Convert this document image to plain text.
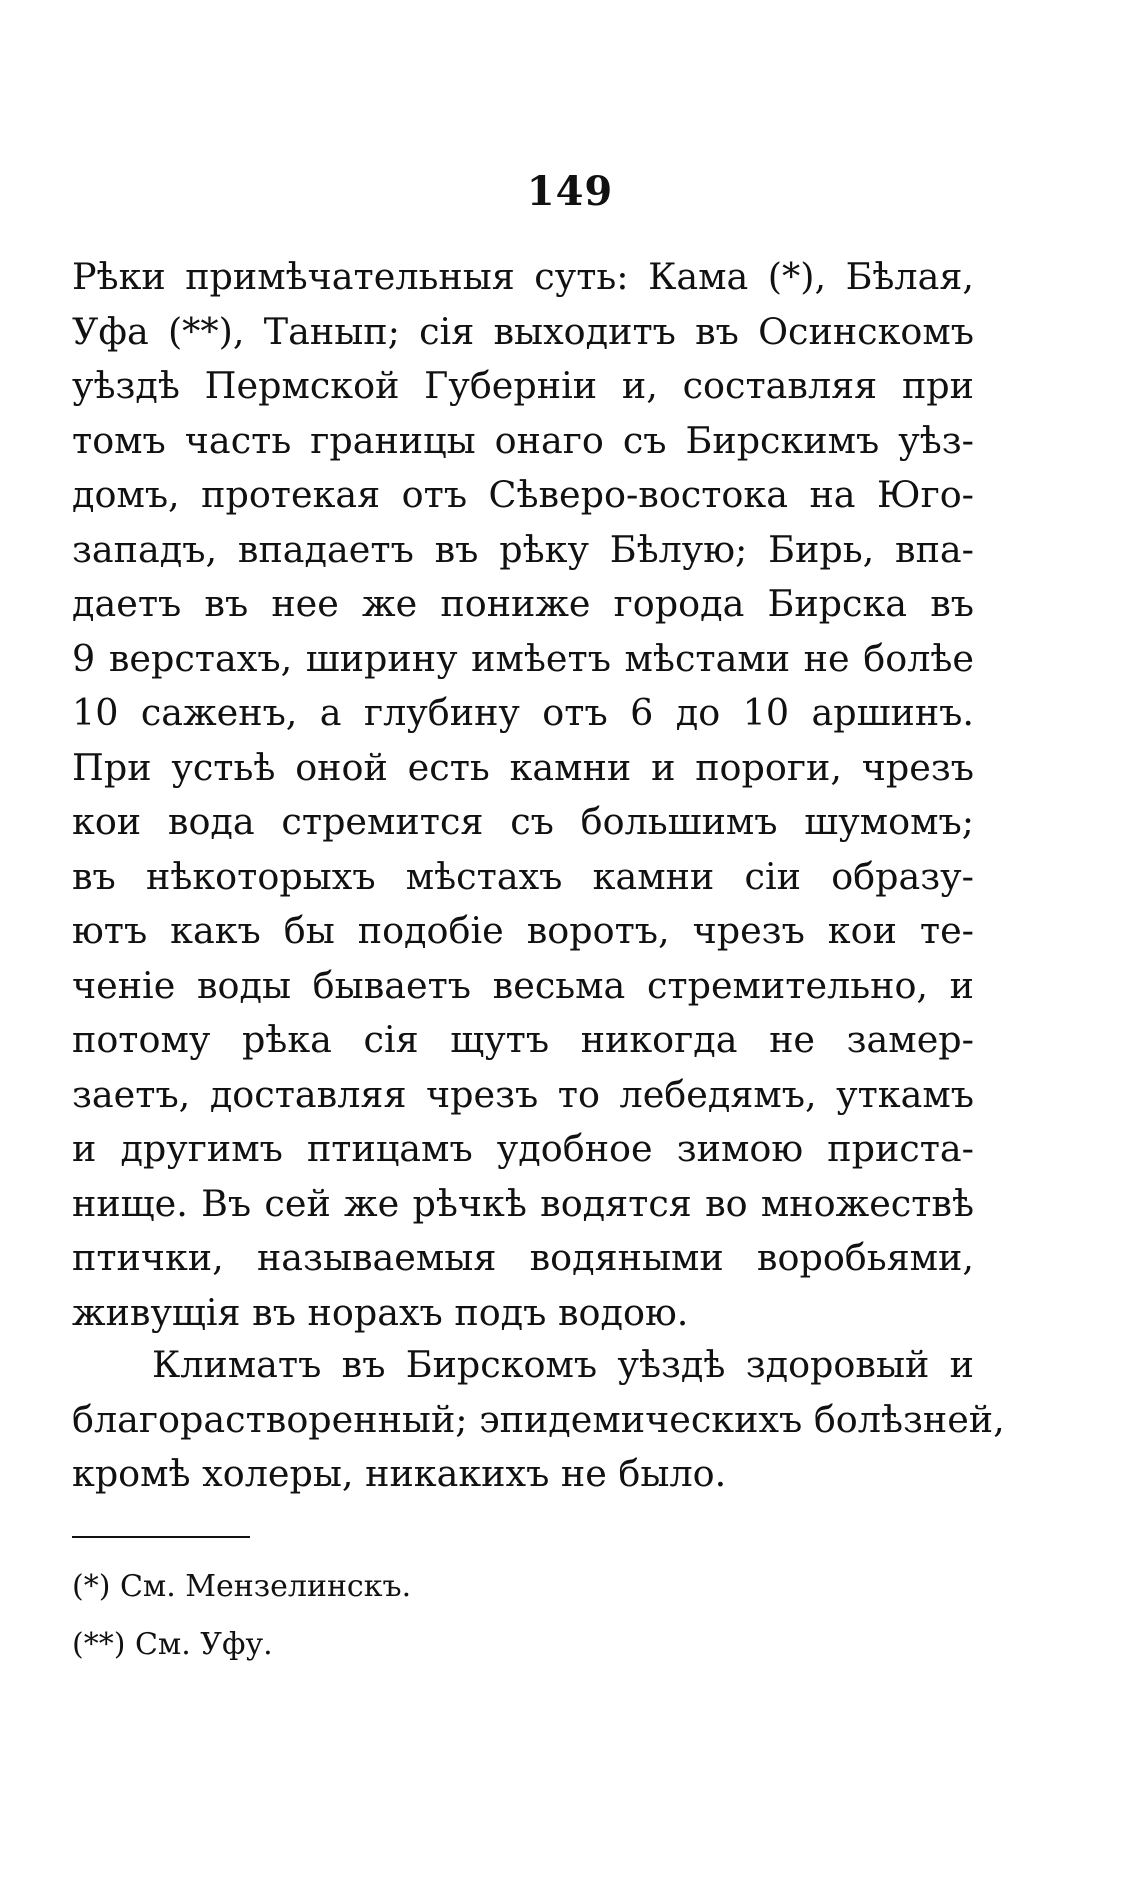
149
Рѣки примѣчательныя суть: Кама (*), Бѣлая,
Уфа (**), Танып; сія выходитъ въ Осинскомъ
уѣздѣ Пермской Губерніи и, составляя при
томъ часть границы онаго съ Бирскимъ уѣз-
домъ, протекая отъ Сѣверо-востока на Юго-
западъ, впадаетъ въ рѣку Бѣлую; Бирь, впа-
даетъ въ нее же пониже города Бирска въ
9 верстахъ, ширину имѣетъ мѣстами не болѣе
10 саженъ, а глубину отъ 6 до 10 аршинъ.
При устьѣ оной есть камни и пороги, чрезъ
кои вода стремится съ большимъ шумомъ;
въ нѣкоторыхъ мѣстахъ камни сіи образу-
ютъ какъ бы подобіе воротъ, чрезъ кои те-
ченіе воды бываетъ весьма стремительно, и
потому рѣка сія щутъ никогда не замер-
заетъ, доставляя чрезъ то лебедямъ, уткамъ
и другимъ птицамъ удобное зимою приста-
нище. Въ сей же рѣчкѣ водятся во множествѣ
птички, называемыя водяными воробьями,
живущія въ норахъ подъ водою.
Климатъ въ Бирскомъ уѣздѣ здоровый и
благорастворенный; эпидемическихъ болѣзней,
кромѣ холеры, никакихъ не было.
(*) См. Мензелинскъ.
(**) См. Уфу.
